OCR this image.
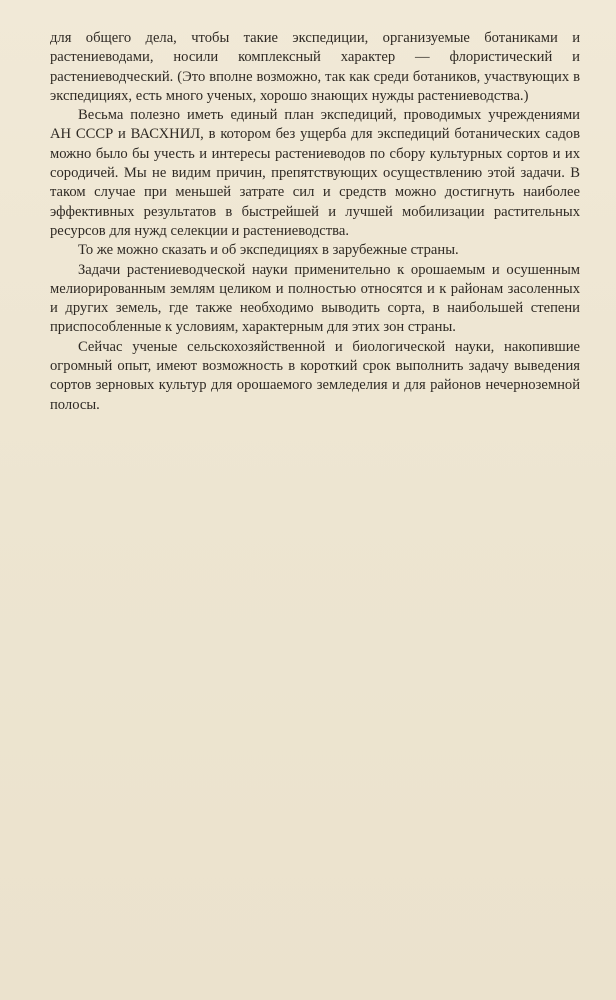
для общего дела, чтобы такие экспедиции, организуемые ботаниками и растениеводами, носили комплексный характер — флористический и растениеводческий. (Это вполне возможно, так как среди ботаников, участвующих в экспедициях, есть много ученых, хорошо знающих нужды растениеводства.)

Весьма полезно иметь единый план экспедиций, проводимых учреждениями АН СССР и ВАСХНИЛ, в котором без ущерба для экспедиций ботанических садов можно было бы учесть и интересы растениеводов по сбору культурных сортов и их сородичей. Мы не видим причин, препятствующих осуществлению этой задачи. В таком случае при меньшей затрате сил и средств можно достигнуть наиболее эффективных результатов в быстрейшей и лучшей мобилизации растительных ресурсов для нужд селекции и растениеводства.

То же можно сказать и об экспедициях в зарубежные страны.

Задачи растениеводческой науки применительно к орошаемым и осушенным мелиорированным землям целиком и полностью относятся и к районам засоленных и других земель, где также необходимо выводить сорта, в наибольшей степени приспособленные к условиям, характерным для этих зон страны.

Сейчас ученые сельскохозяйственной и биологической науки, накопившие огромный опыт, имеют возможность в короткий срок выполнить задачу выведения сортов зерновых культур для орошаемого земледелия и для районов нечерноземной полосы.
